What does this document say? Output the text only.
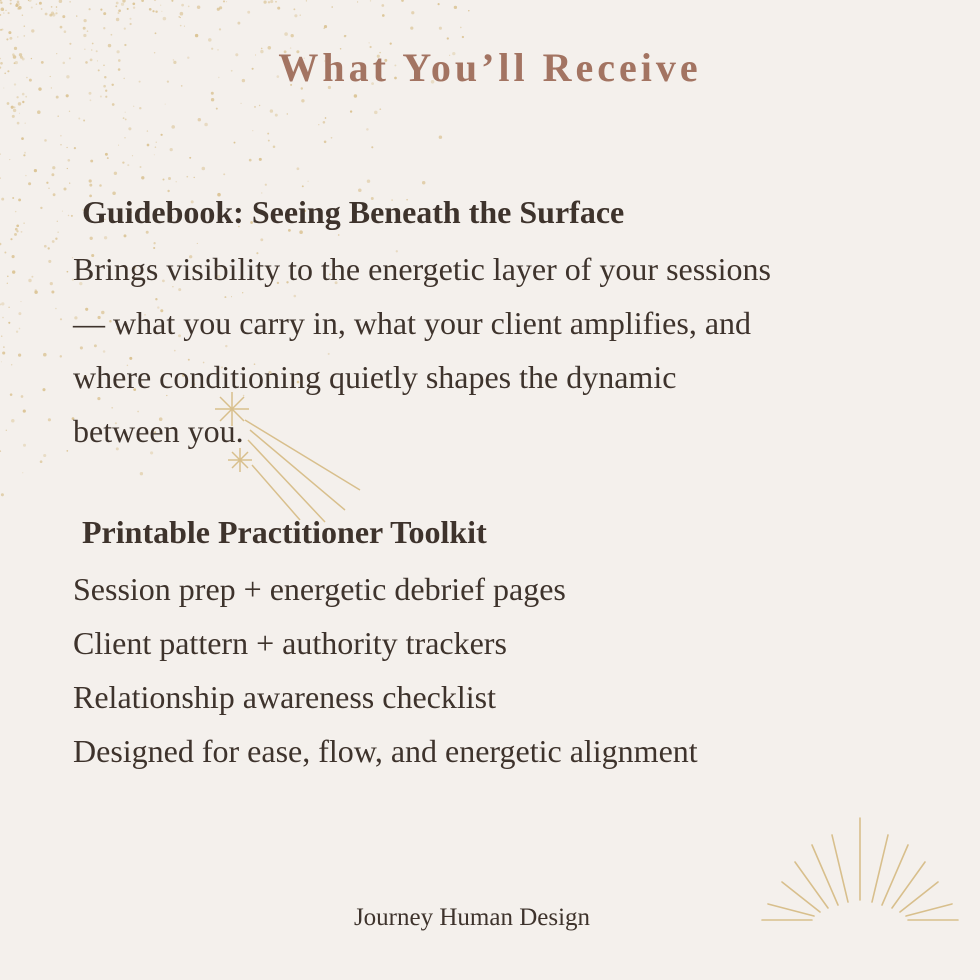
What You’ll Receive
Guidebook: Seeing Beneath the Surface
Brings visibility to the energetic layer of your sessions
— what you carry in, what your client amplifies, and
where conditioning quietly shapes the dynamic
between you.
Printable Practitioner Toolkit
Session prep + energetic debrief pages
Client pattern + authority trackers
Relationship awareness checklist
Designed for ease, flow, and energetic alignment

Journey Human Design
